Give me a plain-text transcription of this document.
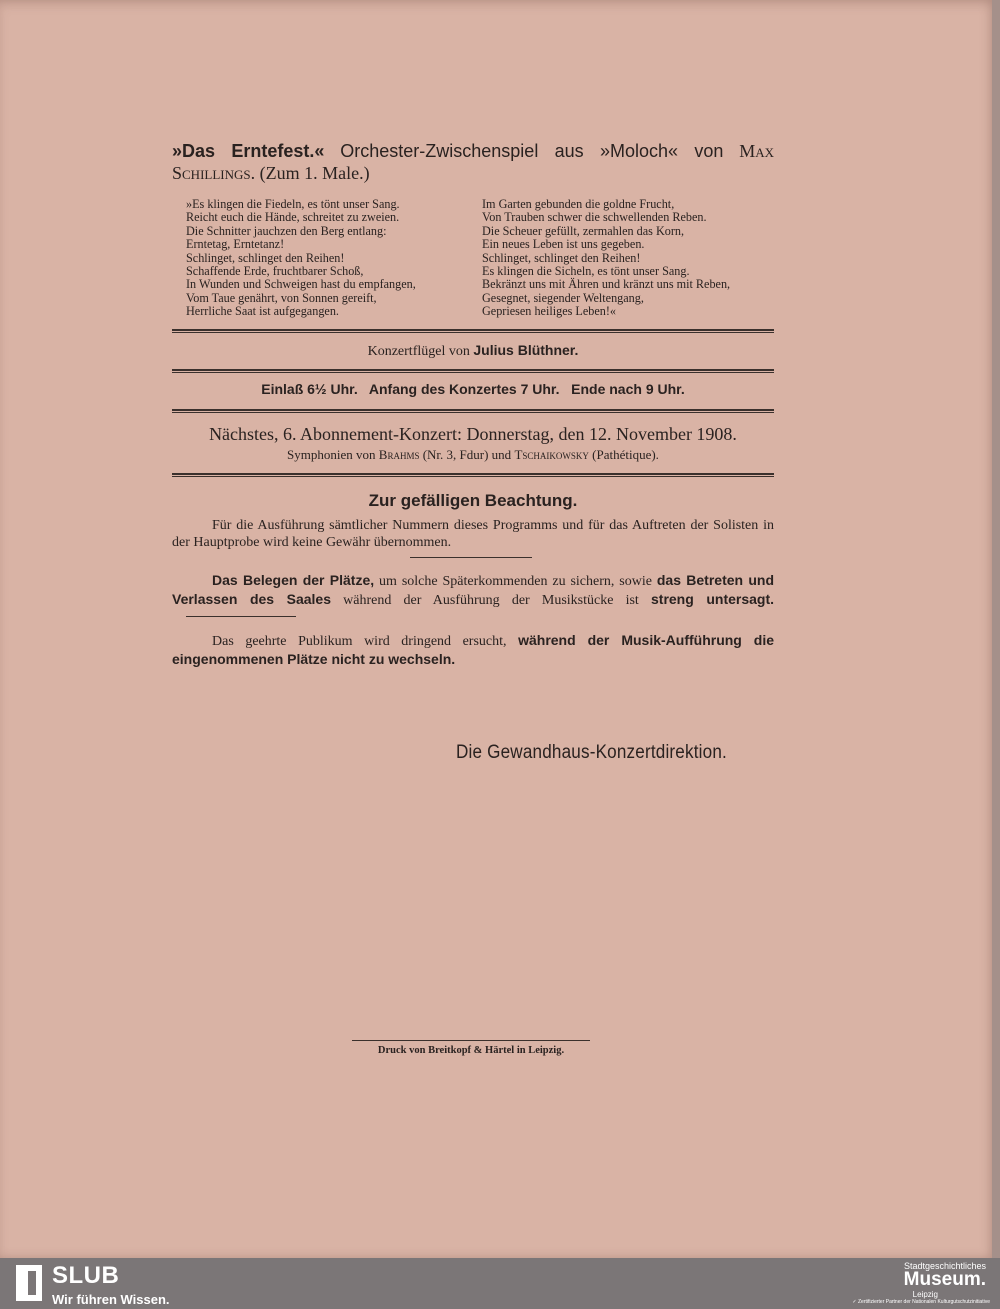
»Das Erntefest.« Orchester-Zwischenspiel aus »Moloch« von Max Schillings. (Zum 1. Male.)
»Es klingen die Fiedeln, es tönt unser Sang.
Reicht euch die Hände, schreitet zu zweien.
Die Schnitter jauchzen den Berg entlang:
Erntetag, Erntetanz!
Schlinget, schlinget den Reihen!
Schaffende Erde, fruchtbarer Schoß,
In Wunden und Schweigen hast du empfangen,
Vom Taue genährt, von Sonnen gereift,
Herrliche Saat ist aufgegangen.
Im Garten gebunden die goldne Frucht,
Von Trauben schwer die schwellenden Reben.
Die Scheuer gefüllt, zermahlen das Korn,
Ein neues Leben ist uns gegeben.
Schlinget, schlinget den Reihen!
Es klingen die Sicheln, es tönt unser Sang.
Bekränzt uns mit Ähren und kränzt uns mit Reben,
Gesegnet, siegender Weltengang,
Gepriesen heiliges Leben!«
Konzertflügel von Julius Blüthner.
Einlaß 6½ Uhr.   Anfang des Konzertes 7 Uhr.   Ende nach 9 Uhr.
Nächstes, 6. Abonnement-Konzert: Donnerstag, den 12. November 1908.
Symphonien von Brahms (Nr. 3, Fdur) und Tschaikowsky (Pathétique).
Zur gefälligen Beachtung.
Für die Ausführung sämtlicher Nummern dieses Programms und für das Auftreten der Solisten in der Hauptprobe wird keine Gewähr übernommen.
Das Belegen der Plätze, um solche Späterkommenden zu sichern, sowie das Betreten und Verlassen des Saales während der Ausführung der Musikstücke ist streng untersagt.
Das geehrte Publikum wird dringend ersucht, während der Musik-Aufführung die eingenommenen Plätze nicht zu wechseln.
Die Gewandhaus-Konzertdirektion.
Druck von Breitkopf & Härtel in Leipzig.
SLUB
Wir führen Wissen.
Stadtgeschichtliches
Museum.
Leipzig
✓ Zertifizierter Partner der Nationalen Kulturgutschutzinitiative
